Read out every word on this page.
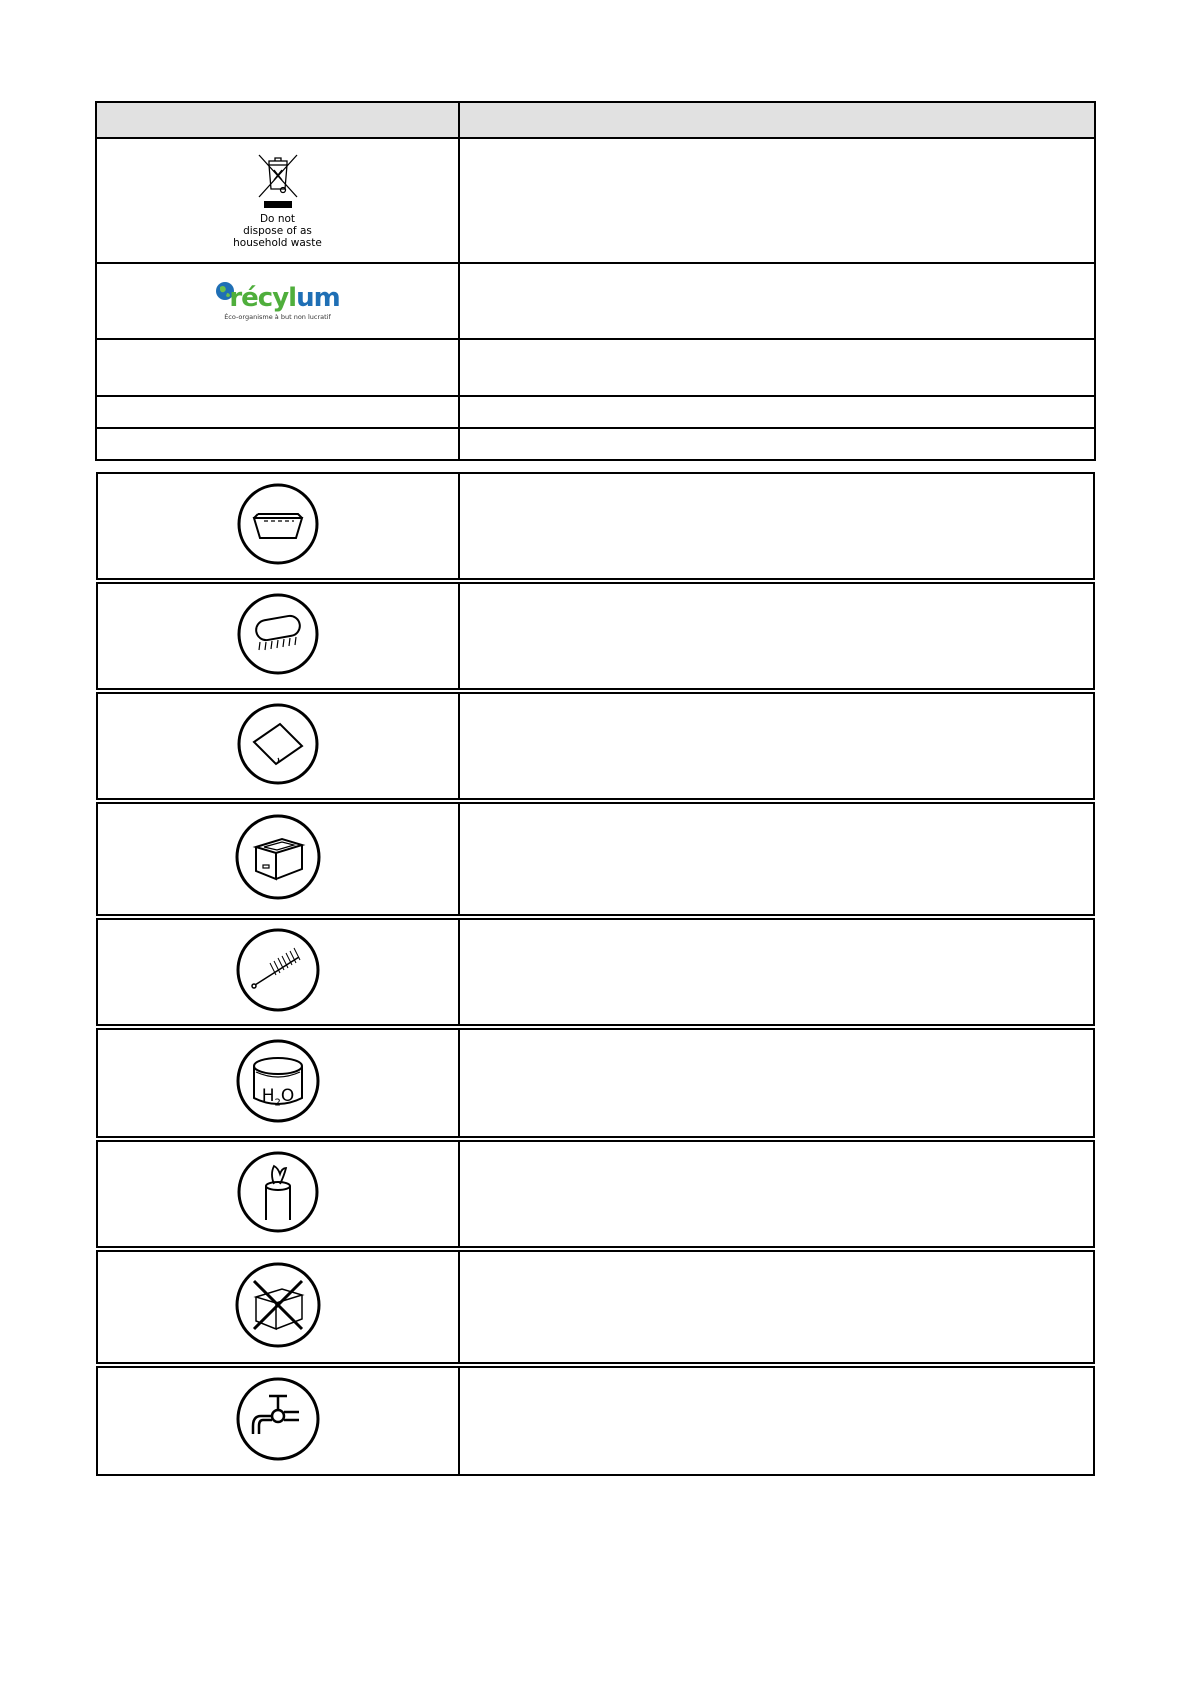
Do not
dispose of as
household waste	

récylum
Éco-organisme à but non lucratif	

$H_2O$
